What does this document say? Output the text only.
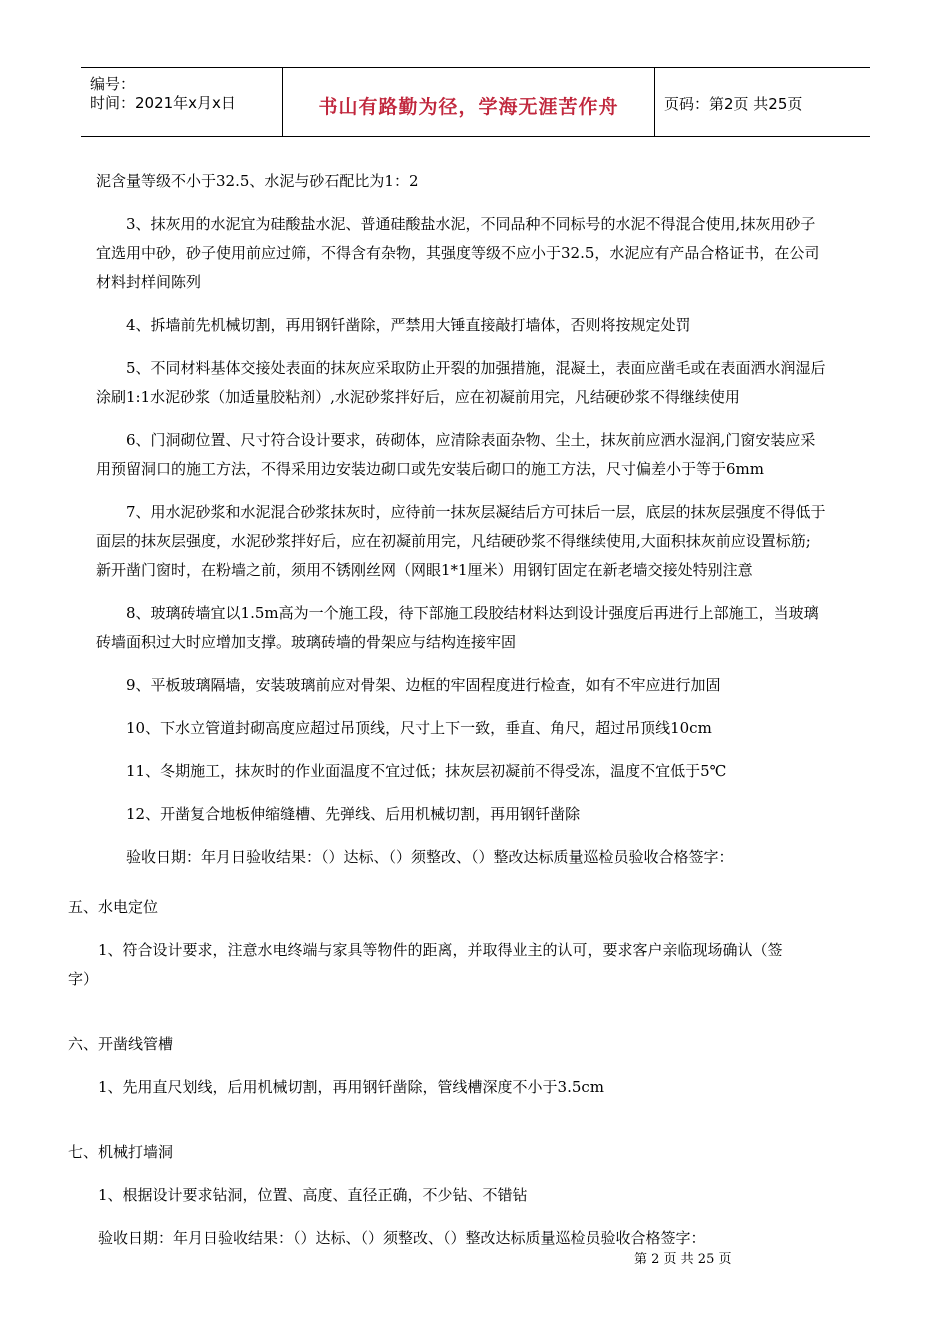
编号：
时间：2021年x月x日	书山有路勤为径，学海无涯苦作舟	页码：第2页 共25页
泥含量等级不小于32.5、水泥与砂石配比为1：2
3、抹灰用的水泥宜为硅酸盐水泥、普通硅酸盐水泥，不同品种不同标号的水泥不得混合使用,抹灰用砂子
宜选用中砂，砂子使用前应过筛，不得含有杂物，其强度等级不应小于32.5，水泥应有产品合格证书，在公司
材料封样间陈列
4、拆墙前先机械切割，再用钢钎凿除，严禁用大锤直接敲打墙体，否则将按规定处罚
5、不同材料基体交接处表面的抹灰应采取防止开裂的加强措施，混凝土，表面应凿毛或在表面洒水润湿后
涂刷1:1水泥砂浆（加适量胶粘剂）,水泥砂浆拌好后，应在初凝前用完，凡结硬砂浆不得继续使用
6、门洞砌位置、尺寸符合设计要求，砖砌体，应清除表面杂物、尘土，抹灰前应洒水湿润,门窗安装应采
用预留洞口的施工方法，不得采用边安装边砌口或先安装后砌口的施工方法，尺寸偏差小于等于6mm
7、用水泥砂浆和水泥混合砂浆抹灰时，应待前一抹灰层凝结后方可抹后一层，底层的抹灰层强度不得低于
面层的抹灰层强度，水泥砂浆拌好后，应在初凝前用完，凡结硬砂浆不得继续使用,大面积抹灰前应设置标筋;
新开凿门窗时，在粉墙之前，须用不锈刚丝网（网眼1*1厘米）用钢钉固定在新老墙交接处特别注意
8、玻璃砖墙宜以1.5m高为一个施工段，待下部施工段胶结材料达到设计强度后再进行上部施工，当玻璃
砖墙面积过大时应增加支撑。玻璃砖墙的骨架应与结构连接牢固
9、平板玻璃隔墙，安装玻璃前应对骨架、边框的牢固程度进行检查，如有不牢应进行加固
10、下水立管道封砌高度应超过吊顶线，尺寸上下一致，垂直、角尺，超过吊顶线10cm
11、冬期施工，抹灰时的作业面温度不宜过低；抹灰层初凝前不得受冻，温度不宜低于5℃
12、开凿复合地板伸缩缝槽、先弹线、后用机械切割，再用钢钎凿除
验收日期：年月日验收结果：（）达标、（）须整改、（）整改达标质量巡检员验收合格签字：
五、水电定位
1、符合设计要求，注意水电终端与家具等物件的距离，并取得业主的认可，要求客户亲临现场确认（签
字）
六、开凿线管槽
1、先用直尺划线，后用机械切割，再用钢钎凿除，管线槽深度不小于3.5cm
七、机械打墙洞
1、根据设计要求钻洞，位置、高度、直径正确，不少钻、不错钻
验收日期：年月日验收结果：（）达标、（）须整改、（）整改达标质量巡检员验收合格签字：
第 2 页 共 25 页
